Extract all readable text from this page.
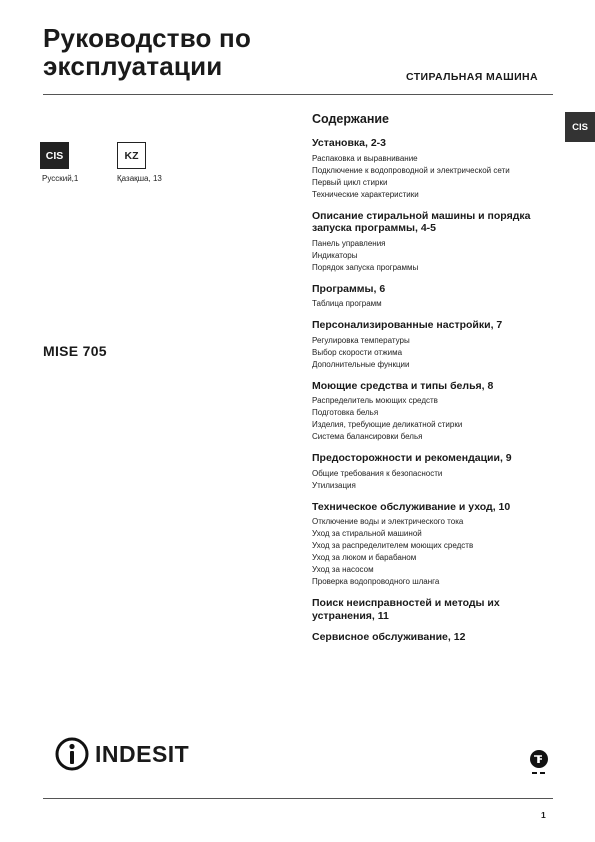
Руководство по
эксплуатации	СТИРАЛЬНАЯ МАШИНА
CIS
CIS
Русский,1
KZ
Қазақша, 13
MISE 705
Содержание
Установка, 2-3
Распаковка и выравнивание
Подключение к водопроводной и электрической сети
Первый цикл стирки
Технические характеристики
Описание стиральной машины и порядка запуска программы, 4-5
Панель управления
Индикаторы
Порядок запуска программы
Программы, 6
Таблица программ
Персонализированные настройки, 7
Регулировка температуры
Выбор скорости отжима
Дополнительные функции
Моющие средства и типы белья, 8
Распределитель моющих средств
Подготовка белья
Изделия, требующие деликатной стирки
Система балансировки белья
Предосторожности и рекомендации, 9
Общие требования к безопасности
Утилизация
Техническое обслуживание и уход, 10
Отключение воды и электрического тока
Уход за стиральной машиной
Уход за распределителем моющих средств
Уход за люком и барабаном
Уход за насосом
Проверка водопроводного шланга
Поиск неисправностей и методы их устранения, 11
Сервисное обслуживание, 12
INDESIT
1
